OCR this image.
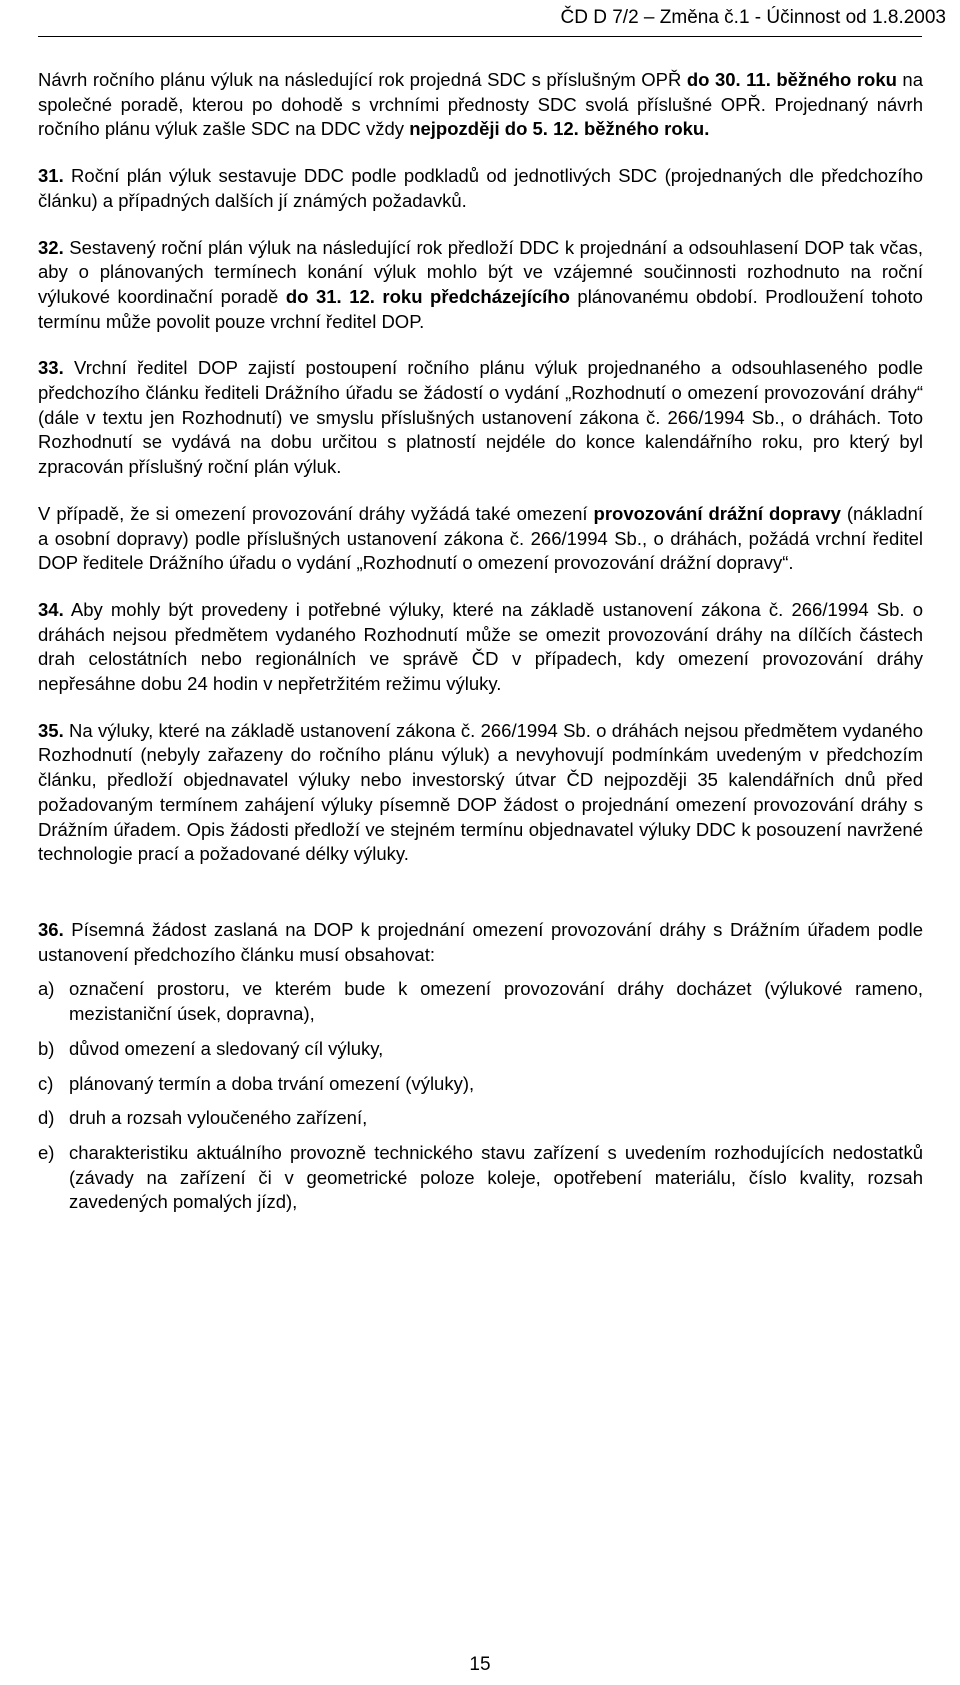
ČD D 7/2 – Změna č.1 - Účinnost od 1.8.2003

Návrh ročního plánu výluk na následující rok projedná SDC s příslušným OPŘ do 30. 11. běžného roku na společné poradě, kterou po dohodě s vrchními přednosty SDC svolá příslušné OPŘ. Projednaný návrh ročního plánu výluk zašle SDC na DDC vždy nejpozději do 5. 12. běžného roku.

31. Roční plán výluk sestavuje DDC podle podkladů od jednotlivých SDC (projednaných dle předchozího článku) a případných dalších jí známých požadavků.

32. Sestavený roční plán výluk na následující rok předloží DDC k projednání a odsouhlasení DOP tak včas, aby o plánovaných termínech konání výluk mohlo být ve vzájemné součinnosti rozhodnuto na roční výlukové koordinační poradě do 31. 12. roku předcházejícího plánovanému období. Prodloužení tohoto termínu může povolit pouze vrchní ředitel DOP.

33. Vrchní ředitel DOP zajistí postoupení ročního plánu výluk projednaného a odsouhlaseného podle předchozího článku řediteli Drážního úřadu se žádostí o vydání „Rozhodnutí o omezení provozování dráhy“ (dále v textu jen Rozhodnutí) ve smyslu příslušných ustanovení zákona č. 266/1994 Sb., o dráhách. Toto Rozhodnutí se vydává na dobu určitou s platností nejdéle do konce kalendářního roku, pro který byl zpracován příslušný roční plán výluk.

V případě, že si omezení provozování dráhy vyžádá také omezení provozování drážní dopravy (nákladní a osobní dopravy) podle příslušných ustanovení zákona č. 266/1994 Sb., o dráhách, požádá vrchní ředitel DOP ředitele Drážního úřadu o vydání „Rozhodnutí o omezení provozování drážní dopravy“.

34. Aby mohly být provedeny i potřebné výluky, které na základě ustanovení zákona č. 266/1994 Sb. o dráhách nejsou předmětem vydaného Rozhodnutí může se omezit provozování dráhy na dílčích částech drah celostátních nebo regionálních ve správě ČD v případech, kdy omezení provozování dráhy nepřesáhne dobu 24 hodin v nepřetržitém režimu výluky.

35. Na výluky, které na základě ustanovení zákona č. 266/1994 Sb. o dráhách nejsou předmětem vydaného Rozhodnutí (nebyly zařazeny do ročního plánu výluk) a nevyhovují podmínkám uvedeným v předchozím článku, předloží objednavatel výluky nebo investorský útvar ČD nejpozději 35 kalendářních dnů před požadovaným termínem zahájení výluky písemně DOP žádost o projednání omezení provozování dráhy s Drážním úřadem. Opis žádosti předloží ve stejném termínu objednavatel výluky DDC k posouzení navržené technologie prací a požadované délky výluky.

36. Písemná žádost zaslaná na DOP k projednání omezení provozování dráhy s Drážním úřadem podle ustanovení předchozího článku musí obsahovat:

a) označení prostoru, ve kterém bude k omezení provozování dráhy docházet (výlukové rameno, mezistaniční úsek, dopravna),
b) důvod omezení a sledovaný cíl výluky,
c) plánovaný termín a doba trvání omezení (výluky),
d) druh a rozsah vyloučeného zařízení,
e) charakteristiku aktuálního provozně technického stavu zařízení s uvedením rozhodujících nedostatků (závady na zařízení či v geometrické poloze koleje, opotřebení materiálu, číslo kvality, rozsah zavedených pomalých jízd),
15
